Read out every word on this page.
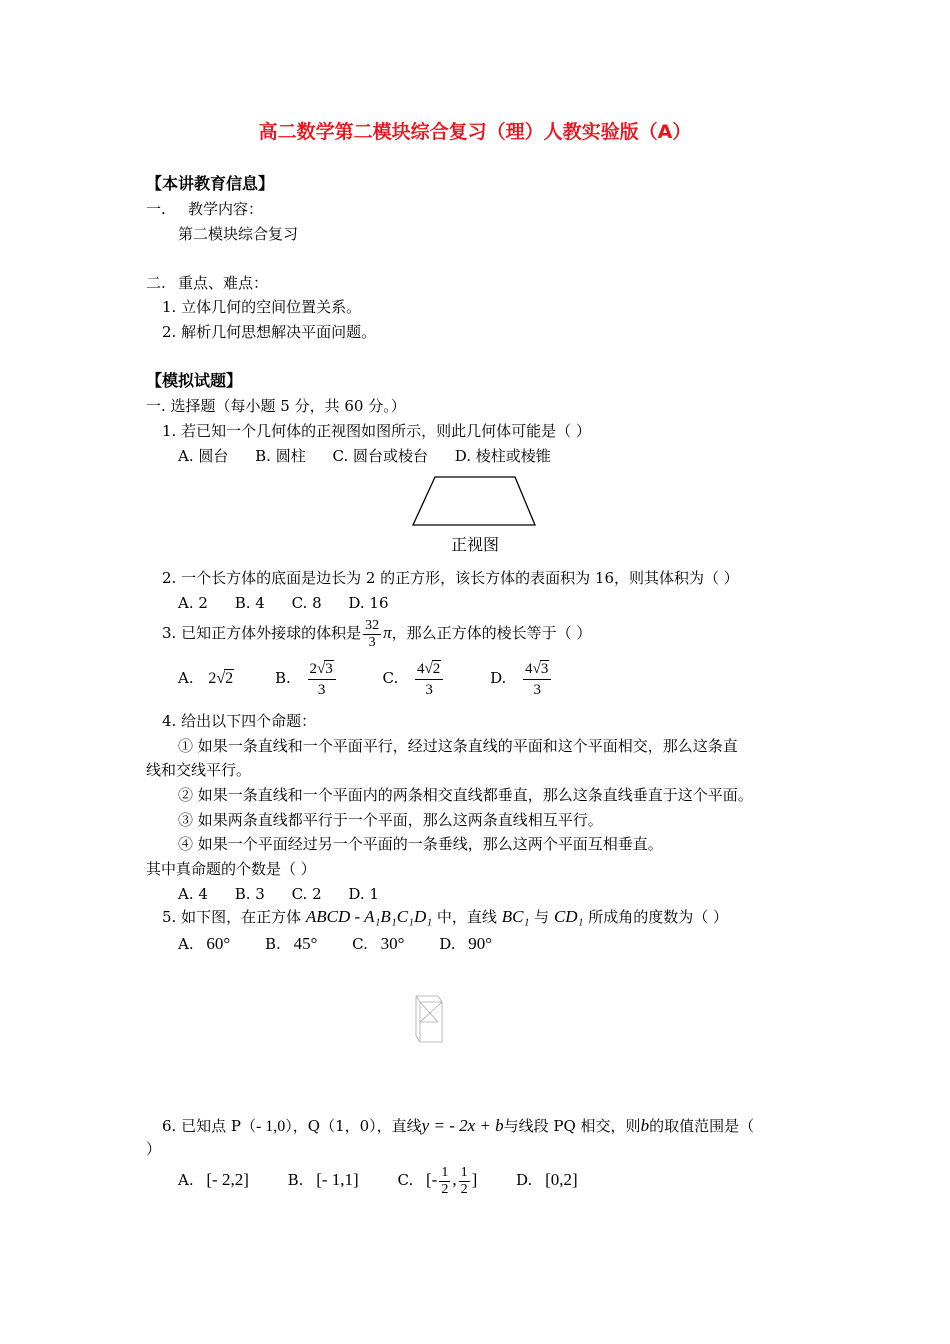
高二数学第二模块综合复习（理）人教实验版（A）
【本讲教育信息】
一. 教学内容：
第二模块综合复习
二. 重点、难点：
1. 立体几何的空间位置关系。
2. 解析几何思想解决平面问题。
【模拟试题】
一. 选择题（每小题 5 分，共 60 分。）
1. 若已知一个几何体的正视图如图所示，则此几何体可能是（ ）
A. 圆台 B. 圆柱 C. 圆台或棱台 D. 棱柱或棱锥
正视图
2. 一个长方体的底面是边长为 2 的正方形，该长方体的表面积为 16，则其体积为（ ）
A. 2 B. 4 C. 8 D. 16
3. 已知正方体外接球的体积是 $\frac{32}{3}$ π，那么正方体的棱长等于（ ）
A. 2√2	B. $\frac{2√3}{3}$	C. $\frac{4√2}{3}$	D. $\frac{4√3}{3}$
4. 给出以下四个命题：
① 如果一条直线和一个平面平行，经过这条直线的平面和这个平面相交，那么这条直
线和交线平行。
② 如果一条直线和一个平面内的两条相交直线都垂直，那么这条直线垂直于这个平面。
③ 如果两条直线都平行于一个平面，那么这两条直线相互平行。
④ 如果一个平面经过另一个平面的一条垂线，那么这两个平面互相垂直。
其中真命题的个数是（ ）
A. 4 B. 3 C. 2 D. 1
5. 如下图，在正方体 ABCD - A₁B₁C₁D₁ 中，直线 BC₁ 与 CD₁ 所成角的度数为（ ）
A. 60° B. 45° C. 30° D. 90°
6. 已知点 P（- 1,0），Q（1，0），直线y = - 2x + b与线段 PQ 相交，则b的取值范围是（
）
A. [- 2,2]	B. [- 1,1]	C. [- $\frac{1}{2}$ , $\frac{1}{2}$ ]	D. [0,2]
